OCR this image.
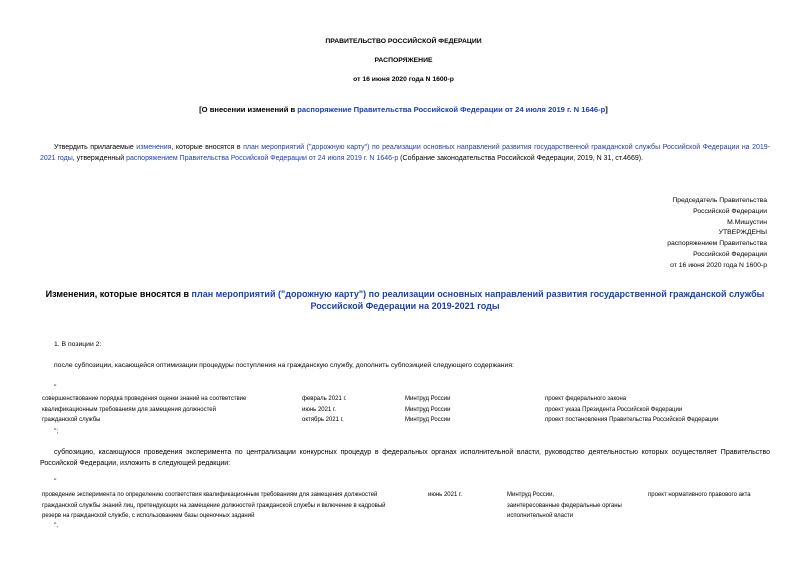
ПРАВИТЕЛЬСТВО РОССИЙСКОЙ ФЕДЕРАЦИИ
РАСПОРЯЖЕНИЕ
от 16 июня 2020 года N 1600-р
[О внесении изменений в распоряжение Правительства Российской Федерации от 24 июля 2019 г. N 1646-р]
Утвердить прилагаемые изменения, которые вносятся в план мероприятий ("дорожную карту") по реализации основных направлений развития государственной гражданской службы Российской Федерации на 2019-2021 годы, утвержденный распоряжением Правительства Российской Федерации от 24 июля 2019 г. N 1646-р (Собрание законодательства Российской Федерации, 2019, N 31, ст.4669).
Председатель Правительства
Российской Федерации
М.Мишустин
УТВЕРЖДЕНЫ
распоряжением Правительства
Российской Федерации
от 16 июня 2020 года N 1600-р
Изменения, которые вносятся в план мероприятий ("дорожную карту") по реализации основных направлений развития государственной гражданской службы Российской Федерации на 2019-2021 годы
1. В позиции 2:
после субпозиции, касающейся оптимизации процедуры поступления на гражданскую службу, дополнить субпозицией следующего содержания:
"
совершенствование порядка проведения оценки знаний на соответствие
квалификационным требованиям для замещения должностей
гражданской службы
февраль 2021 г.
июнь 2021 г.
октябрь 2021 г.
Минтруд России
Минтруд России
Минтруд России
проект федерального закона
проект указа Президента Российской Федерации
проект постановления Правительства Российской Федерации
";
субпозицию, касающуюся проведения эксперимента по централизации конкурсных процедур в федеральных органах исполнительной власти, руководство деятельностью которых осуществляет Правительство Российской Федерации, изложить в следующей редакции:
"
проведение эксперимента по определению соответствия квалификационным требованиям для замещения должностей
гражданской службы знаний лиц, претендующих на замещение должностей гражданской службы и включение в кадровый
резерв на гражданской службе, с использованием базы оценочных заданий
июнь 2021 г.	Минтруд России,
заинтересованные федеральные органы
исполнительной власти
проект нормативного правового акта
".
